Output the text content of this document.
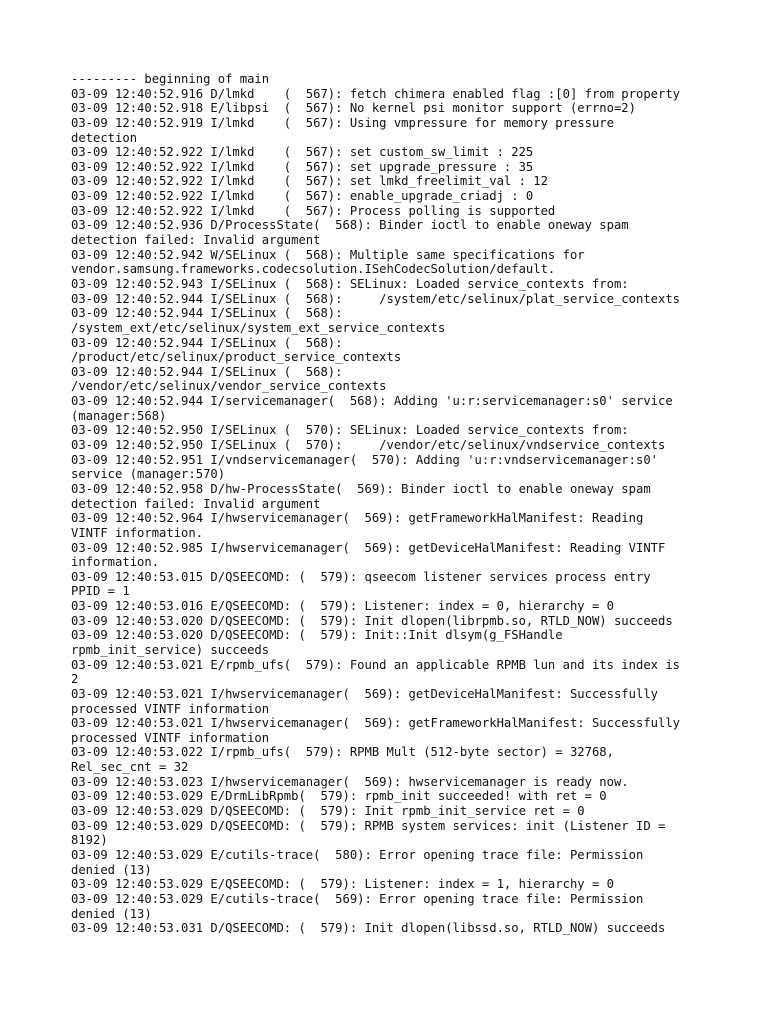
--------- beginning of main
03-09 12:40:52.916 D/lmkd    (  567): fetch chimera enabled flag :[0] from property
03-09 12:40:52.918 E/libpsi  (  567): No kernel psi monitor support (errno=2)
03-09 12:40:52.919 I/lmkd    (  567): Using vmpressure for memory pressure
detection
03-09 12:40:52.922 I/lmkd    (  567): set custom_sw_limit : 225
03-09 12:40:52.922 I/lmkd    (  567): set upgrade_pressure : 35
03-09 12:40:52.922 I/lmkd    (  567): set lmkd_freelimit_val : 12
03-09 12:40:52.922 I/lmkd    (  567): enable_upgrade_criadj : 0
03-09 12:40:52.922 I/lmkd    (  567): Process polling is supported
03-09 12:40:52.936 D/ProcessState(  568): Binder ioctl to enable oneway spam
detection failed: Invalid argument
03-09 12:40:52.942 W/SELinux (  568): Multiple same specifications for
vendor.samsung.frameworks.codecsolution.ISehCodecSolution/default.
03-09 12:40:52.943 I/SELinux (  568): SELinux: Loaded service_contexts from:
03-09 12:40:52.944 I/SELinux (  568):     /system/etc/selinux/plat_service_contexts
03-09 12:40:52.944 I/SELinux (  568):
/system_ext/etc/selinux/system_ext_service_contexts
03-09 12:40:52.944 I/SELinux (  568):
/product/etc/selinux/product_service_contexts
03-09 12:40:52.944 I/SELinux (  568):
/vendor/etc/selinux/vendor_service_contexts
03-09 12:40:52.944 I/servicemanager(  568): Adding 'u:r:servicemanager:s0' service
(manager:568)
03-09 12:40:52.950 I/SELinux (  570): SELinux: Loaded service_contexts from:
03-09 12:40:52.950 I/SELinux (  570):     /vendor/etc/selinux/vndservice_contexts
03-09 12:40:52.951 I/vndservicemanager(  570): Adding 'u:r:vndservicemanager:s0'
service (manager:570)
03-09 12:40:52.958 D/hw-ProcessState(  569): Binder ioctl to enable oneway spam
detection failed: Invalid argument
03-09 12:40:52.964 I/hwservicemanager(  569): getFrameworkHalManifest: Reading
VINTF information.
03-09 12:40:52.985 I/hwservicemanager(  569): getDeviceHalManifest: Reading VINTF
information.
03-09 12:40:53.015 D/QSEECOMD: (  579): qseecom listener services process entry
PPID = 1
03-09 12:40:53.016 E/QSEECOMD: (  579): Listener: index = 0, hierarchy = 0
03-09 12:40:53.020 D/QSEECOMD: (  579): Init dlopen(librpmb.so, RTLD_NOW) succeeds
03-09 12:40:53.020 D/QSEECOMD: (  579): Init::Init dlsym(g_FSHandle
rpmb_init_service) succeeds
03-09 12:40:53.021 E/rpmb_ufs(  579): Found an applicable RPMB lun and its index is
2
03-09 12:40:53.021 I/hwservicemanager(  569): getDeviceHalManifest: Successfully
processed VINTF information
03-09 12:40:53.021 I/hwservicemanager(  569): getFrameworkHalManifest: Successfully
processed VINTF information
03-09 12:40:53.022 I/rpmb_ufs(  579): RPMB Mult (512-byte sector) = 32768,
Rel_sec_cnt = 32
03-09 12:40:53.023 I/hwservicemanager(  569): hwservicemanager is ready now.
03-09 12:40:53.029 E/DrmLibRpmb(  579): rpmb_init succeeded! with ret = 0
03-09 12:40:53.029 D/QSEECOMD: (  579): Init rpmb_init_service ret = 0
03-09 12:40:53.029 D/QSEECOMD: (  579): RPMB system services: init (Listener ID =
8192)
03-09 12:40:53.029 E/cutils-trace(  580): Error opening trace file: Permission
denied (13)
03-09 12:40:53.029 E/QSEECOMD: (  579): Listener: index = 1, hierarchy = 0
03-09 12:40:53.029 E/cutils-trace(  569): Error opening trace file: Permission
denied (13)
03-09 12:40:53.031 D/QSEECOMD: (  579): Init dlopen(libssd.so, RTLD_NOW) succeeds
